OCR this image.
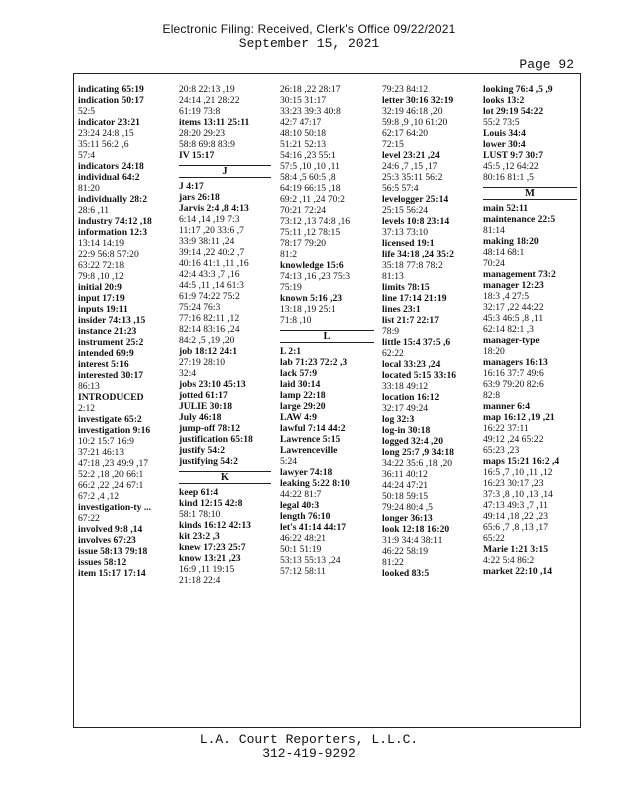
Electronic Filing: Received, Clerk's Office 09/22/2021
September 15, 2021
Page 92
indicating 65:19
indication 50:17
52:5
indicator 23:21
23:24 24:8 ,15
35:11 56:2 ,6
57:4
indicators 24:18
individual 64:2
81:20
individually 28:2
28:6 ,11
industry 74:12 ,18
information 12:3
13:14 14:19
22:9 56:8 57:20
63:22 72:18
79:8 ,10 ,12
initial 20:9
input 17:19
inputs 19:11
insider 74:13 ,15
instance 21:23
instrument 25:2
intended 69:9
interest 5:16
interested 30:17
86:13
INTRODUCED
2:12
investigate 65:2
investigation 9:16
10:2 15:7 16:9
37:21 46:13
47:18 ,23 49:9 ,17
52:2 ,18 ,20 66:1
66:2 ,22 ,24 67:1
67:2 ,4 ,12
investigation-ty ...
67:22
involved 9:8 ,14
involves 67:23
issue 58:13 79:18
issues 58:12
item 15:17 17:14
20:8 22:13 ,19
24:14 ,21 28:22
61:19 73:8
items 13:11 25:11
28:20 29:23
58:8 69:8 83:9
IV 15:17
J
J 4:17
jars 26:18
Jarvis 2:4 ,8 4:13
6:14 ,14 ,19 7:3
11:17 ,20 33:6 ,7
33:9 38:11 ,24
39:14 ,22 40:2 ,7
40:16 41:1 ,11 ,16
42:4 43:3 ,7 ,16
44:5 ,11 ,14 61:3
61:9 74:22 75:2
75:24 76:3
77:16 82:11 ,12
82:14 83:16 ,24
84:2 ,5 ,19 ,20
job 18:12 24:1
27:19 28:10
32:4
jobs 23:10 45:13
jotted 61:17
JULIE 30:18
July 46:18
jump-off 78:12
justification 65:18
justify 54:2
justifying 54:2
K
keep 61:4
kind 12:15 42:8
58:1 78:10
kinds 16:12 42:13
kit 23:2 ,3
knew 17:23 25:7
know 13:21 ,23
16:9 ,11 19:15
21:18 22:4
26:18 ,22 28:17
30:15 31:17
33:23 39:3 40:8
42:7 47:17
48:10 50:18
51:21 52:13
54:16 ,23 55:1
57:5 ,10 ,10 ,11
58:4 ,5 60:5 ,8
64:19 66:15 ,18
69:2 ,11 ,24 70:2
70:21 72:24
73:12 ,13 74:8 ,16
75:11 ,12 78:15
78:17 79:20
81:2
knowledge 15:6
74:13 ,16 ,23 75:3
75:19
known 5:16 ,23
13:18 ,19 25:1
71:8 ,10
L
L 2:1
lab 71:23 72:2 ,3
lack 57:9
laid 30:14
lamp 22:18
large 29:20
LAW 4:9
lawful 7:14 44:2
Lawrence 5:15
Lawrenceville
5:24
lawyer 74:18
leaking 5:22 8:10
44:22 81:7
legal 40:3
length 76:10
let's 41:14 44:17
46:22 48:21
50:1 51:19
53:13 55:13 ,24
57:12 58:11
79:23 84:12
letter 30:16 32:19
32:19 46:18 ,20
59:8 ,9 ,10 61:20
62:17 64:20
72:15
level 23:21 ,24
24:6 ,7 ,15 ,17
25:3 35:11 56:2
56:5 57:4
levelogger 25:14
25:15 56:24
levels 10:8 23:14
37:13 73:10
licensed 19:1
life 34:18 ,24 35:2
35:18 77:8 78:2
81:13
limits 78:15
line 17:14 21:19
lines 23:1
list 21:7 22:17
78:9
little 15:4 37:5 ,6
62:22
local 33:23 ,24
located 5:15 33:16
33:18 49:12
location 16:12
32:17 49:24
log 32:3
log-in 30:18
logged 32:4 ,20
long 25:7 ,9 34:18
34:22 35:6 ,18 ,20
36:11 40:12
44:24 47:21
50:18 59:15
79:24 80:4 ,5
longer 36:13
look 12:18 16:20
31:9 34:4 38:11
46:22 58:19
81:22
looked 83:5
looking 76:4 ,5 ,9
looks 13:2
lot 29:19 54:22
55:2 73:5
Louis 34:4
lower 30:4
LUST 9:7 30:7
45:5 ,12 64:22
80:16 81:1 ,5
M
main 52:11
maintenance 22:5
81:14
making 18:20
48:14 68:1
70:24
management 73:2
manager 12:23
18:3 ,4 27:5
32:17 ,22 44:22
45:3 46:5 ,8 ,11
62:14 82:1 ,3
manager-type
18:20
managers 16:13
16:16 37:7 49:6
63:9 79:20 82:6
82:8
manner 6:4
map 16:12 ,19 ,21
16:22 37:11
49:12 ,24 65:22
65:23 ,23
maps 15:21 16:2 ,4
16:5 ,7 ,10 ,11 ,12
16:23 30:17 ,23
37:3 ,8 ,10 ,13 ,14
47:13 49:3 ,7 ,11
49:14 ,18 ,22 ,23
65:6 ,7 ,8 ,13 ,17
65:22
Marie 1:21 3:15
4:22 5:4 86:2
market 22:10 ,14
L.A. Court Reporters, L.L.C.
312-419-9292
